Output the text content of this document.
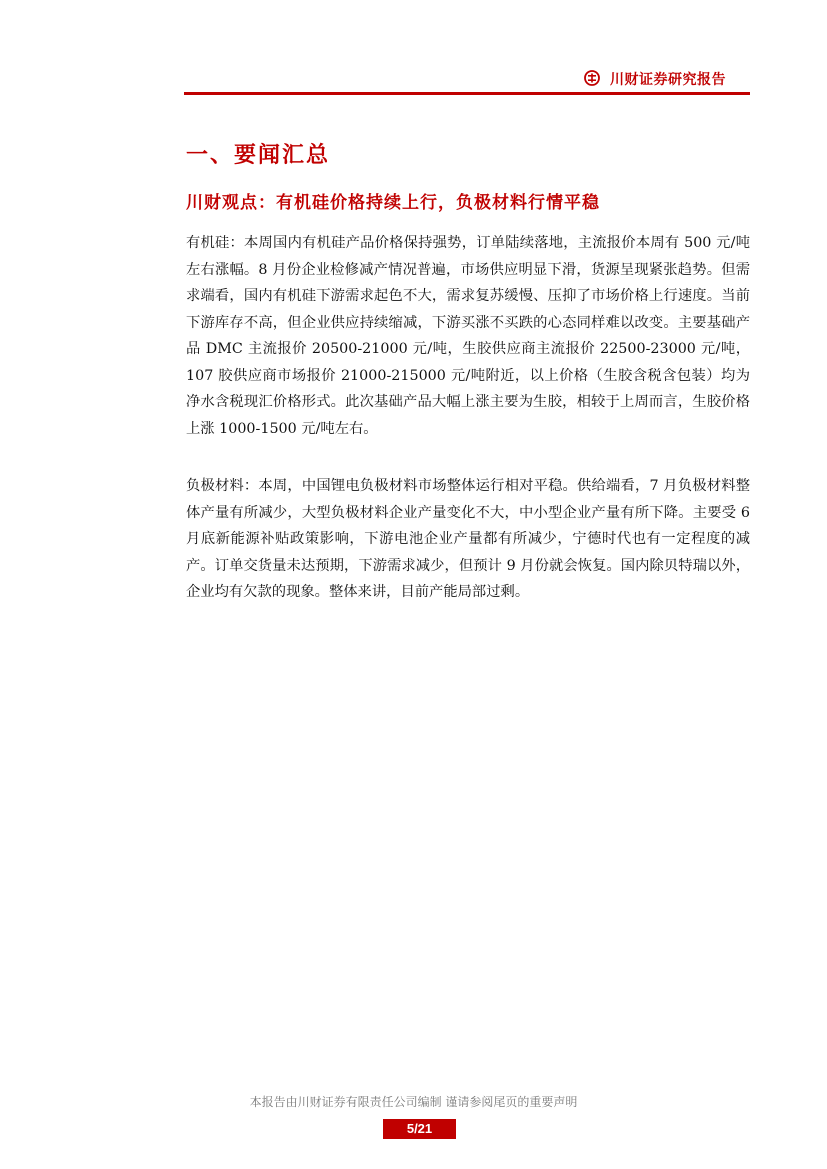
川财证券研究报告
一、要闻汇总
川财观点：有机硅价格持续上行，负极材料行情平稳
有机硅：本周国内有机硅产品价格保持强势，订单陆续落地，主流报价本周有 500 元/吨左右涨幅。8 月份企业检修减产情况普遍，市场供应明显下滑，货源呈现紧张趋势。但需求端看，国内有机硅下游需求起色不大，需求复苏缓慢、压抑了市场价格上行速度。当前下游库存不高，但企业供应持续缩减，下游买涨不买跌的心态同样难以改变。主要基础产品 DMC 主流报价 20500-21000 元/吨，生胶供应商主流报价 22500-23000 元/吨，107 胶供应商市场报价 21000-215000 元/吨附近，以上价格（生胶含税含包装）均为净水含税现汇价格形式。此次基础产品大幅上涨主要为生胶，相较于上周而言，生胶价格上涨 1000-1500 元/吨左右。
负极材料：本周，中国锂电负极材料市场整体运行相对平稳。供给端看，7 月负极材料整体产量有所减少，大型负极材料企业产量变化不大，中小型企业产量有所下降。主要受 6 月底新能源补贴政策影响，下游电池企业产量都有所减少，宁德时代也有一定程度的减产。订单交货量未达预期，下游需求减少，但预计 9 月份就会恢复。国内除贝特瑞以外，企业均有欠款的现象。整体来讲，目前产能局部过剩。
本报告由川财证券有限责任公司编制 谨请参阅尾页的重要声明
5/21
